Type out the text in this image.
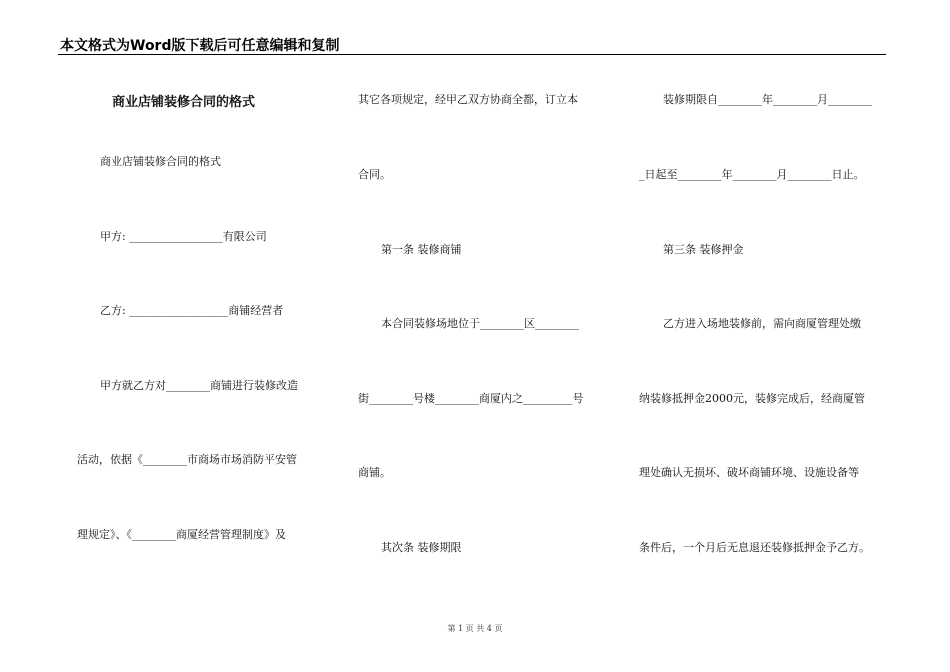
本文格式为Word版下载后可任意编辑和复制
商业店铺装修合同的格式
商业店铺装修合同的格式
甲方: _________________有限公司
乙方: __________________商铺经营者
甲方就乙方对________商铺进行装修改造
活动，依据《________市商场市场消防平安管
理规定》、《________商厦经营管理制度》及
其它各项规定，经甲乙双方协商全都，订立本
合同。
第一条 装修商铺
本合同装修场地位于________区________
街________号楼________商厦内之_________号
商铺。
其次条 装修期限
装修期限自________年________月________
_日起至________年________月________日止。
第三条 装修押金
乙方进入场地装修前，需向商厦管理处缴
纳装修抵押金2000元，装修完成后，经商厦管
理处确认无损坏、破坏商铺环境、设施设备等
条件后，一个月后无息退还装修抵押金予乙方。
第 1 页 共 4 页
